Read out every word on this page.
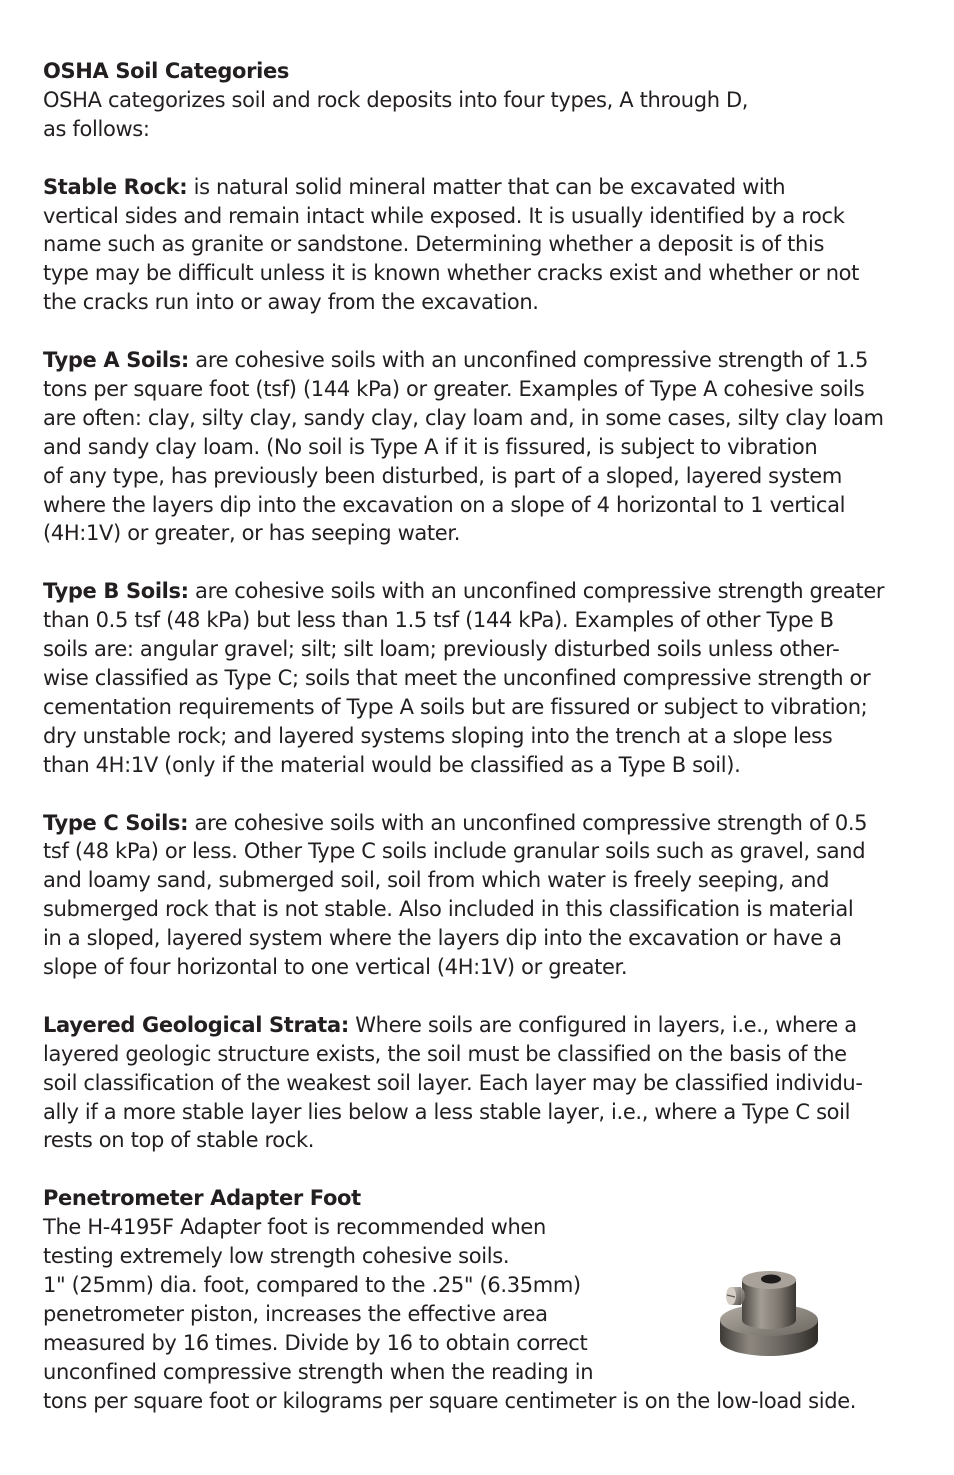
OSHA Soil Categories
OSHA categorizes soil and rock deposits into four types, A through D,
as follows:
Stable Rock: is natural solid mineral matter that can be excavated with
vertical sides and remain intact while exposed. It is usually identified by a rock
name such as granite or sandstone. Determining whether a deposit is of this
type may be difficult unless it is known whether cracks exist and whether or not
the cracks run into or away from the excavation.
Type A Soils: are cohesive soils with an unconfined compressive strength of 1.5
tons per square foot (tsf) (144 kPa) or greater. Examples of Type A cohesive soils
are often: clay, silty clay, sandy clay, clay loam and, in some cases, silty clay loam
and sandy clay loam. (No soil is Type A if it is fissured, is subject to vibration
of any type, has previously been disturbed, is part of a sloped, layered system
where the layers dip into the excavation on a slope of 4 horizontal to 1 vertical
(4H:1V) or greater, or has seeping water.
Type B Soils: are cohesive soils with an unconfined compressive strength greater
than 0.5 tsf (48 kPa) but less than 1.5 tsf (144 kPa). Examples of other Type B
soils are: angular gravel; silt; silt loam; previously disturbed soils unless other-
wise classified as Type C; soils that meet the unconfined compressive strength or
cementation requirements of Type A soils but are fissured or subject to vibration;
dry unstable rock; and layered systems sloping into the trench at a slope less
than 4H:1V (only if the material would be classified as a Type B soil).
Type C Soils: are cohesive soils with an unconfined compressive strength of 0.5
tsf (48 kPa) or less. Other Type C soils include granular soils such as gravel, sand
and loamy sand, submerged soil, soil from which water is freely seeping, and
submerged rock that is not stable. Also included in this classification is material
in a sloped, layered system where the layers dip into the excavation or have a
slope of four horizontal to one vertical (4H:1V) or greater.
Layered Geological Strata: Where soils are configured in layers, i.e., where a
layered geologic structure exists, the soil must be classified on the basis of the
soil classification of the weakest soil layer. Each layer may be classified individu-
ally if a more stable layer lies below a less stable layer, i.e., where a Type C soil
rests on top of stable rock.
Penetrometer Adapter Foot
The H-4195F Adapter foot is recommended when
testing extremely low strength cohesive soils.
1" (25mm) dia. foot, compared to the .25" (6.35mm)
penetrometer piston, increases the effective area
measured by 16 times. Divide by 16 to obtain correct
unconfined compressive strength when the reading in
tons per square foot or kilograms per square centimeter is on the low-load side.
